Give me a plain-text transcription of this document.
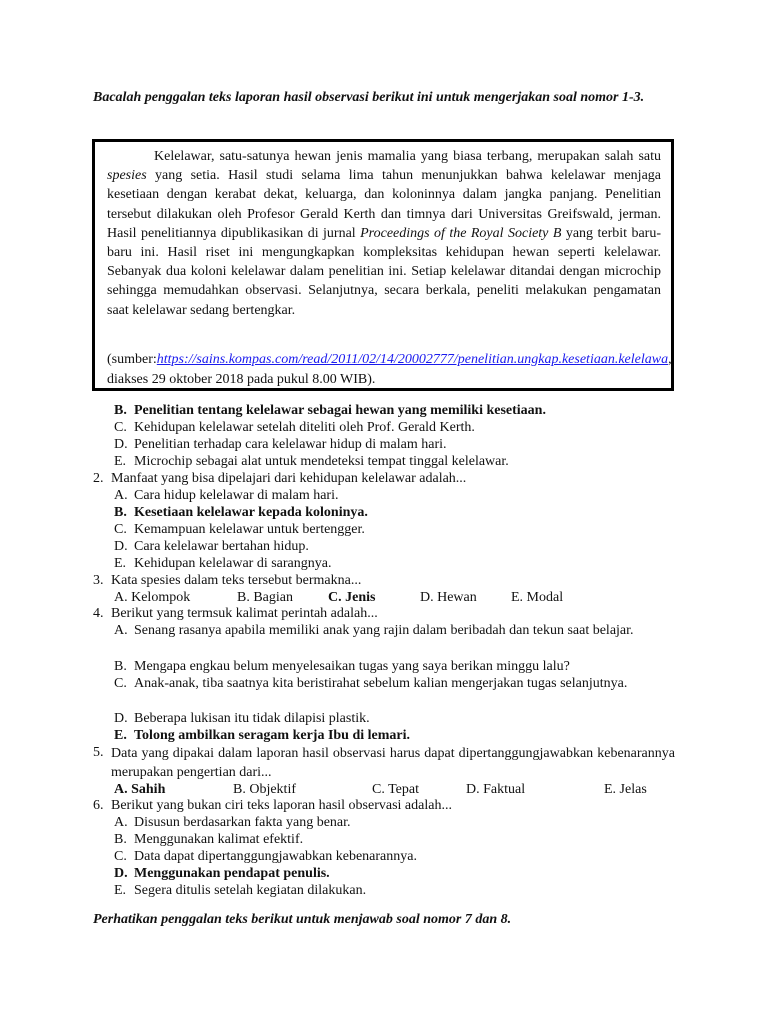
Bacalah penggalan teks laporan hasil observasi berikut ini untuk mengerjakan soal nomor 1-3.
B. Penelitian tentang kelelawar sebagai hewan yang memiliki kesetiaan.
C. Kehidupan kelelawar setelah diteliti oleh Prof. Gerald Kerth.
D. Penelitian terhadap cara kelelawar hidup di malam hari.
E. Microchip sebagai alat untuk mendeteksi tempat tinggal kelelawar.

Kelelawar, satu-satunya hewan jenis mamalia yang biasa terbang, merupakan salah satu spesies yang setia. Hasil studi selama lima tahun menunjukkan bahwa kelelawar menjaga kesetiaan dengan kerabat dekat, keluarga, dan koloninnya dalam jangka panjang. Penelitian tersebut dilakukan oleh Profesor Gerald Kerth dan timnya dari Universitas Greifswald, jerman. Hasil penelitiannya dipublikasikan di jurnal Proceedings of the Royal Society B yang terbit baru-baru ini. Hasil riset ini mengungkapkan kompleksitas kehidupan hewan seperti kelelawar. Sebanyak dua koloni kelelawar dalam penelitian ini. Setiap kelelawar ditandai dengan microchip sehingga memudahkan observasi. Selanjutnya, secara berkala, peneliti melakukan pengamatan saat kelelawar sedang bertengkar.

(sumber:https://sains.kompas.com/read/2011/02/14/20002777/penelitian.ungkap.kesetiaan.kelelawa, diakses 29 oktober 2018 pada pukul 8.00 WIB).

2. Manfaat yang bisa dipelajari dari kehidupan kelelawar adalah...
A. Cara hidup kelelawar di malam hari.
B. Kesetiaan kelelawar kepada koloninya.
C. Kemampuan kelelawar untuk bertengger.
D. Cara kelelawar bertahan hidup.
E. Kehidupan kelelawar di sarangnya.
3. Kata spesies dalam teks tersebut bermakna...
A. Kelompok	B. Bagian	C. Jenis	D. Hewan E. Modal
4. Berikut yang termsuk kalimat perintah adalah...
A. Senang rasanya apabila memiliki anak yang rajin dalam beribadah dan tekun saat belajar.
B. Mengapa engkau belum menyelesaikan tugas yang saya berikan minggu lalu?
C. Anak-anak, tiba saatnya kita beristirahat sebelum kalian mengerjakan tugas selanjutnya.
D. Beberapa lukisan itu tidak dilapisi plastik.
E. Tolong ambilkan seragam kerja Ibu di lemari.
5. Data yang dipakai dalam laporan hasil observasi harus dapat dipertanggungjawabkan kebenarannya merupakan pengertian dari...
A. Sahih	B. Objektif	C. Tepat	D. Faktual	E. Jelas
6. Berikut yang bukan ciri teks laporan hasil observasi adalah...
A. Disusun berdasarkan fakta yang benar.
B. Menggunakan kalimat efektif.
C. Data dapat dipertanggungjawabkan kebenarannya.
D. Menggunakan pendapat penulis.
E. Segera ditulis setelah kegiatan dilakukan.
Perhatikan penggalan teks berikut untuk menjawab soal nomor 7 dan 8.
